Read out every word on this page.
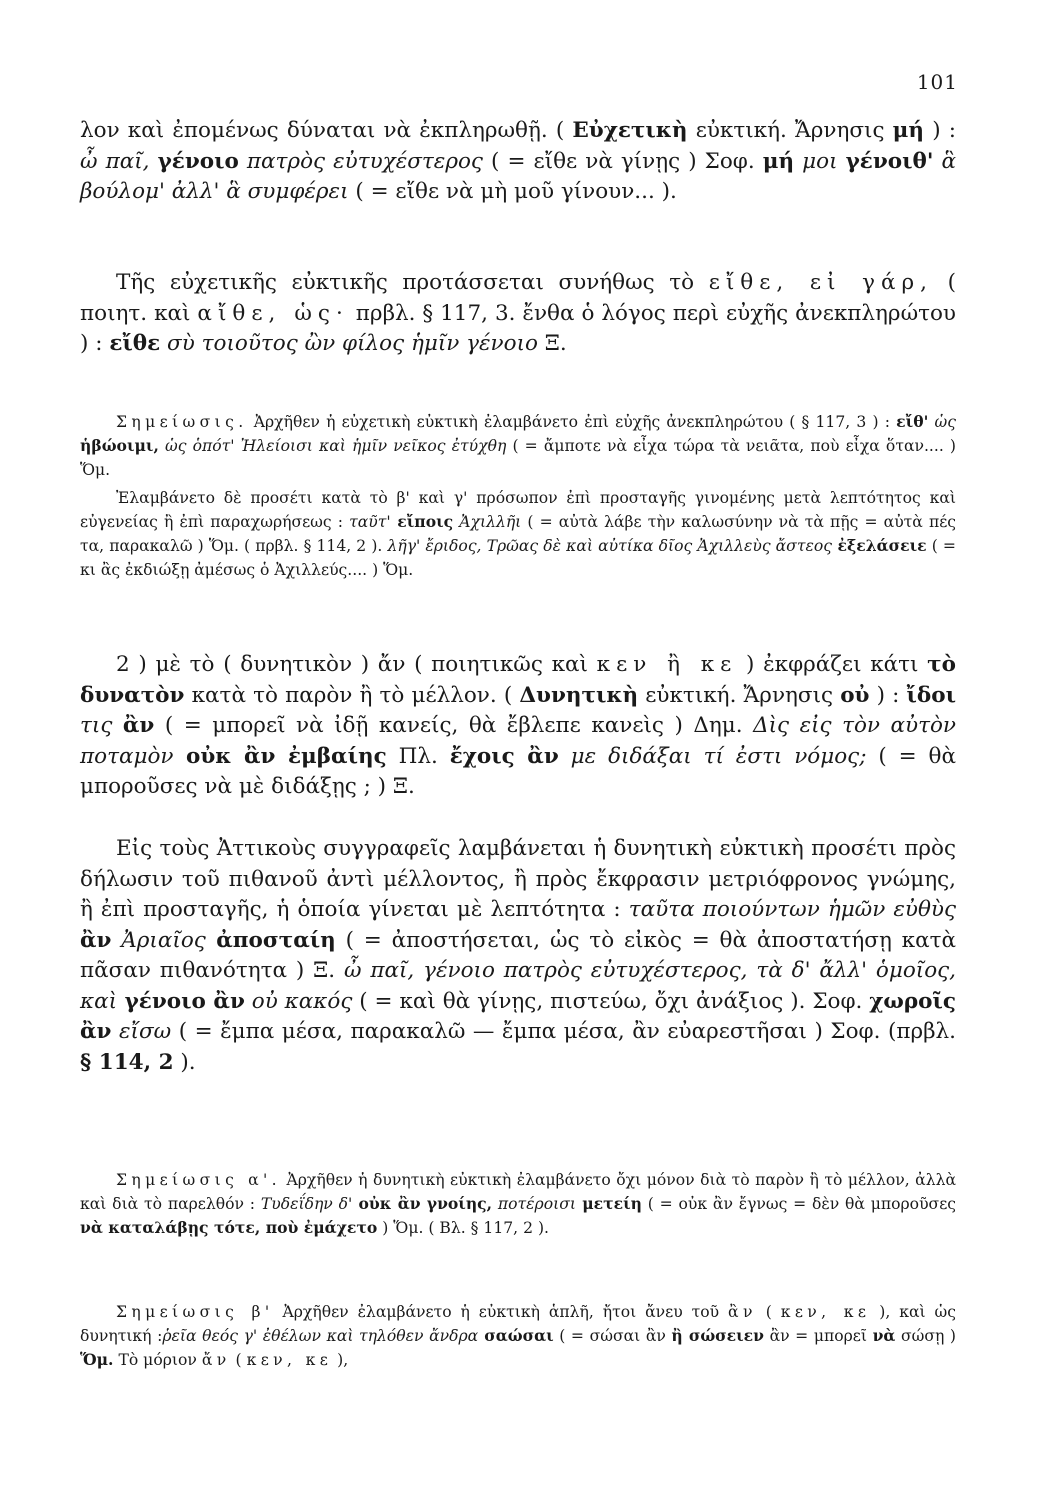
101

λον καὶ ἐπομένως δύναται νὰ ἐκπληρωθῇ. ( Εὐχετικὴ εὐκτική. Ἄρνησις μή ) : ὦ παῖ, γένοιο πατρὸς εὐτυχέστερος ( = εἴθε νὰ γίνῃς ) Σοφ. μή μοι γένοιθ' ἃ βούλομ' ἀλλ' ἃ συμφέρει ( = εἴθε νὰ μὴ μοῦ γίνουν... ).

Τῆς εὐχετικῆς εὐκτικῆς προτάσσεται συνήθως τὸ εἴθε, εἰ γάρ, ( ποιητ. καὶ αἴθε, ὡς· πρβλ. § 117, 3. ἔνθα ὁ λόγος περὶ εὐχῆς ἀνεκπληρώτου ) : εἴθε σὺ τοιοῦτος ὢν φίλος ἡμῖν γένοιο Ξ.

Σημείωσις. Ἀρχῆθεν ἡ εὐχετικὴ εὐκτικὴ ἐλαμβάνετο ἐπὶ εὐχῆς ἀνεκπληρώτου ( § 117, 3 ) : εἴθ' ὡς ἡβώοιμι, ὡς ὁπότ' Ἠλείοισι καὶ ἡμῖν νεῖκος ἐτύχθη ( = ἄμποτε νὰ εἶχα τώρα τὰ νειᾶτα, ποὺ εἶχα ὅταν.... ) Ὅμ.

Ἐλαμβάνετο δὲ προσέτι κατὰ τὸ β' καὶ γ' πρόσωπον ἐπὶ προσταγῆς γινομένης μετὰ λεπτότητος καὶ εὐγενείας ἢ ἐπὶ παραχωρήσεως : ταῦτ' εἴποις Ἀχιλλῆι ( = αὐτὰ λάβε τὴν καλωσύνην νὰ τὰ πῇς = αὐτὰ πές τα, παρακαλῶ ) Ὅμ. ( πρβλ. § 114, 2 ). λῆγ' ἔριδος, Τρῶας δὲ καὶ αὐτίκα δῖος Ἀχιλλεὺς ἄστεος ἐξελάσειε ( = κι ἂς ἐκδιώξῃ ἀμέσως ὁ Ἀχιλλεύς.... ) Ὅμ.

2 ) μὲ τὸ ( δυνητικὸν ) ἄν ( ποιητικῶς καὶ κεν ἢ κε ) ἐκφράζει κάτι τὸ δυνατὸν κατὰ τὸ παρὸν ἢ τὸ μέλλον. ( Δυνητικὴ εὐκτική. Ἄρνησις οὐ ) : ἴδοι τις ἂν ( = μπορεῖ νὰ ἰδῇ κανείς, θὰ ἔβλεπε κανεὶς ) Δημ. Δὶς εἰς τὸν αὐτὸν ποταμὸν οὐκ ἂν ἐμβαίης Πλ. ἔχοις ἂν με διδάξαι τί ἐστι νόμος; ( = θὰ μποροῦσες νὰ μὲ διδάξῃς ; ) Ξ.

Εἰς τοὺς Ἀττικοὺς συγγραφεῖς λαμβάνεται ἡ δυνητικὴ εὐκτικὴ προσέτι πρὸς δήλωσιν τοῦ πιθανοῦ ἀντὶ μέλλοντος, ἢ πρὸς ἔκφρασιν μετριόφρονος γνώμης, ἢ ἐπὶ προσταγῆς, ἡ ὁποία γίνεται μὲ λεπτότητα : ταῦτα ποιούντων ἡμῶν εὐθὺς ἂν Ἀριαῖος ἀποσταίη ( = ἀποστήσεται, ὡς τὸ εἰκὸς = θὰ ἀποστατήσῃ κατὰ πᾶσαν πιθανότητα ) Ξ. ὦ παῖ, γένοιο πατρὸς εὐτυχέστερος, τὰ δ' ἄλλ' ὁμοῖος, καὶ γένοιο ἂν οὐ κακός ( = καὶ θὰ γίνῃς, πιστεύω, ὄχι ἀνάξιος ). Σοφ. χωροῖς ἂν εἴσω ( = ἔμπα μέσα, παρακαλῶ — ἔμπα μέσα, ἂν εὐαρεστῆσαι ) Σοφ. (πρβλ. § 114, 2 ).

Σημείωσις α'. Ἀρχῆθεν ἡ δυνητικὴ εὐκτικὴ ἐλαμβάνετο ὄχι μόνον διὰ τὸ παρὸν ἢ τὸ μέλλον, ἀλλὰ καὶ διὰ τὸ παρελθόν : Τυδεΐδην δ' οὐκ ἂν γνοίης, ποτέροισι μετείη ( = οὐκ ἂν ἔγνως = δὲν θὰ μποροῦσες νὰ καταλάβῃς τότε, ποὺ ἐμάχετο ) Ὅμ. ( Βλ. § 117, 2 ).

Σημείωσις β' Ἀρχῆθεν ἐλαμβάνετο ἡ εὐκτικὴ ἁπλῆ, ἤτοι ἄνευ τοῦ ἂν ( κεν, κε ), καὶ ὡς δυνητική :ῥεῖα θεός γ' ἐθέλων καὶ τηλόθεν ἄνδρα σαώσαι ( = σώσαι ἂν ἢ σώσειεν ἂν = μπορεῖ νὰ σώσῃ ) Ὅμ. Τὸ μόριον ἄν ( κεν, κε ),
